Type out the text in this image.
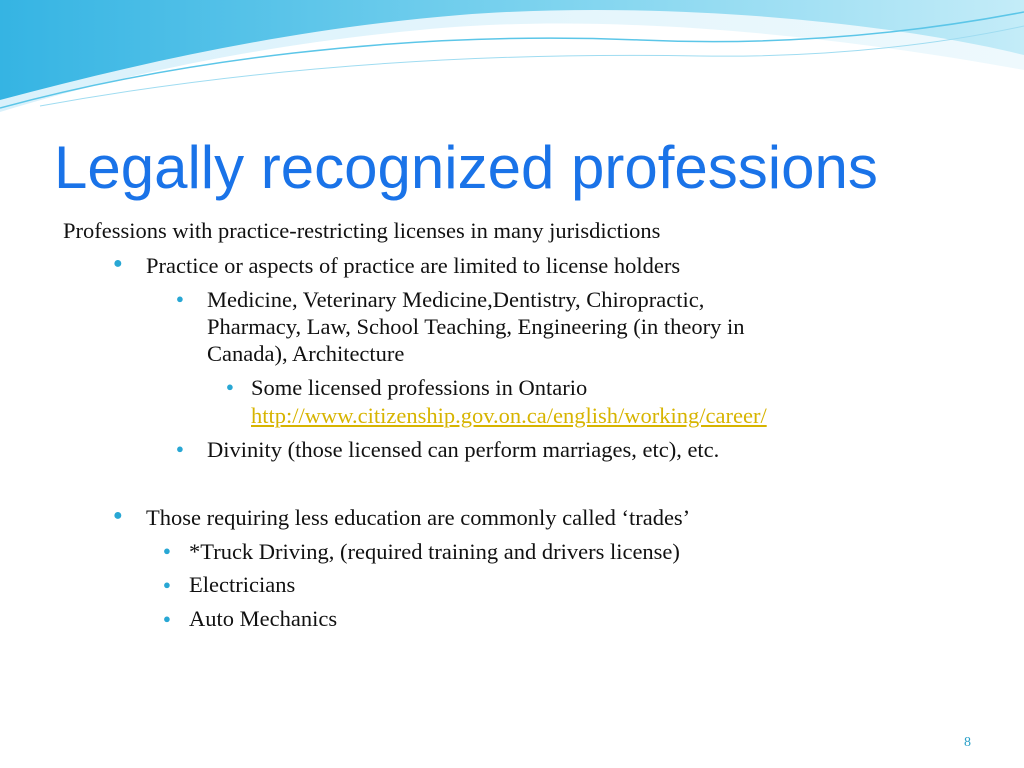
Legally recognized professions
Professions with practice-restricting licenses in many jurisdictions
● Practice or aspects of practice are limited to license holders
● Medicine, Veterinary Medicine,Dentistry, Chiropractic,
Pharmacy, Law, School Teaching, Engineering (in theory in
Canada), Architecture
● Some licensed professions in Ontario
http://www.citizenship.gov.on.ca/english/working/career/
● Divinity (those licensed can perform marriages, etc), etc.
● Those requiring less education are commonly called ‘trades’
● *Truck Driving, (required training and drivers license)
● Electricians
● Auto Mechanics
8
